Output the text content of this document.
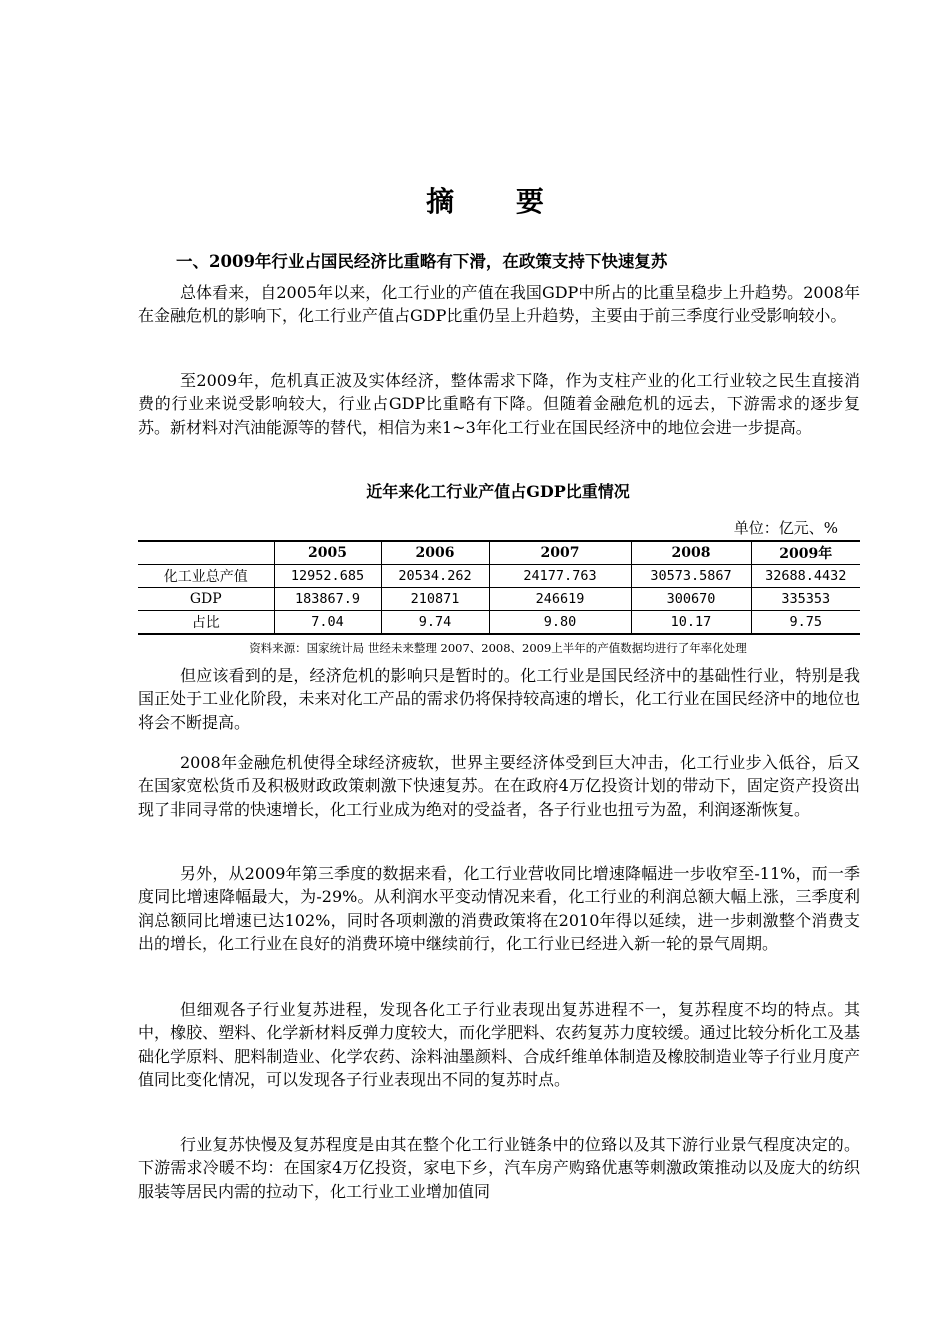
摘 要
一、2009年行业占国民经济比重略有下滑，在政策支持下快速复苏

总体看来，自2005年以来，化工行业的产值在我国GDP中所占的比重呈稳步上升趋势。2008年在金融危机的影响下，化工行业产值占GDP比重仍呈上升趋势，主要由于前三季度行业受影响较小。

至2009年，危机真正波及实体经济，整体需求下降，作为支柱产业的化工行业较之民生直接消费的行业来说受影响较大，行业占GDP比重略有下降。但随着金融危机的远去，下游需求的逐步复苏。新材料对汽油能源等的替代，相信为来1~3年化工行业在国民经济中的地位会进一步提高。

近年来化工行业产值占GDP比重情况
单位：亿元、%
	2005	2006	2007	2008	2009年
化工业总产值	12952.685	20534.262	24177.763	30573.5867	32688.4432
GDP	183867.9	210871	246619	300670	335353
占比	7.04	9.74	9.80	10.17	9.75
资料来源：国家统计局 世经未来整理 2007、2008、2009上半年的产值数据均进行了年率化处理

但应该看到的是，经济危机的影响只是暂时的。化工行业是国民经济中的基础性行业，特别是我国正处于工业化阶段，未来对化工产品的需求仍将保持较高速的增长，化工行业在国民经济中的地位也将会不断提高。

2008年金融危机使得全球经济疲软，世界主要经济体受到巨大冲击，化工行业步入低谷，后又在国家宽松货币及积极财政政策刺激下快速复苏。在在政府4万亿投资计划的带动下，固定资产投资出现了非同寻常的快速增长，化工行业成为绝对的受益者，各子行业也扭亏为盈，利润逐渐恢复。

另外，从2009年第三季度的数据来看，化工行业营收同比增速降幅进一步收窄至-11%，而一季度同比增速降幅最大，为-29%。从利润水平变动情况来看，化工行业的利润总额大幅上涨，三季度利润总额同比增速已达102%，同时各项刺激的消费政策将在2010年得以延续，进一步刺激整个消费支出的增长，化工行业在良好的消费环境中继续前行，化工行业已经进入新一轮的景气周期。

但细观各子行业复苏进程，发现各化工子行业表现出复苏进程不一，复苏程度不均的特点。其中，橡胶、塑料、化学新材料反弹力度较大，而化学肥料、农药复苏力度较缓。通过比较分析化工及基础化学原料、肥料制造业、化学农药、涂料油墨颜料、合成纤维单体制造及橡胶制造业等子行业月度产值同比变化情况，可以发现各子行业表现出不同的复苏时点。

行业复苏快慢及复苏程度是由其在整个化工行业链条中的位臵以及其下游行业景气程度决定的。下游需求冷暖不均：在国家4万亿投资，家电下乡，汽车房产购臵优惠等刺激政策推动以及庞大的纺织服装等居民内需的拉动下，化工行业工业增加值同
